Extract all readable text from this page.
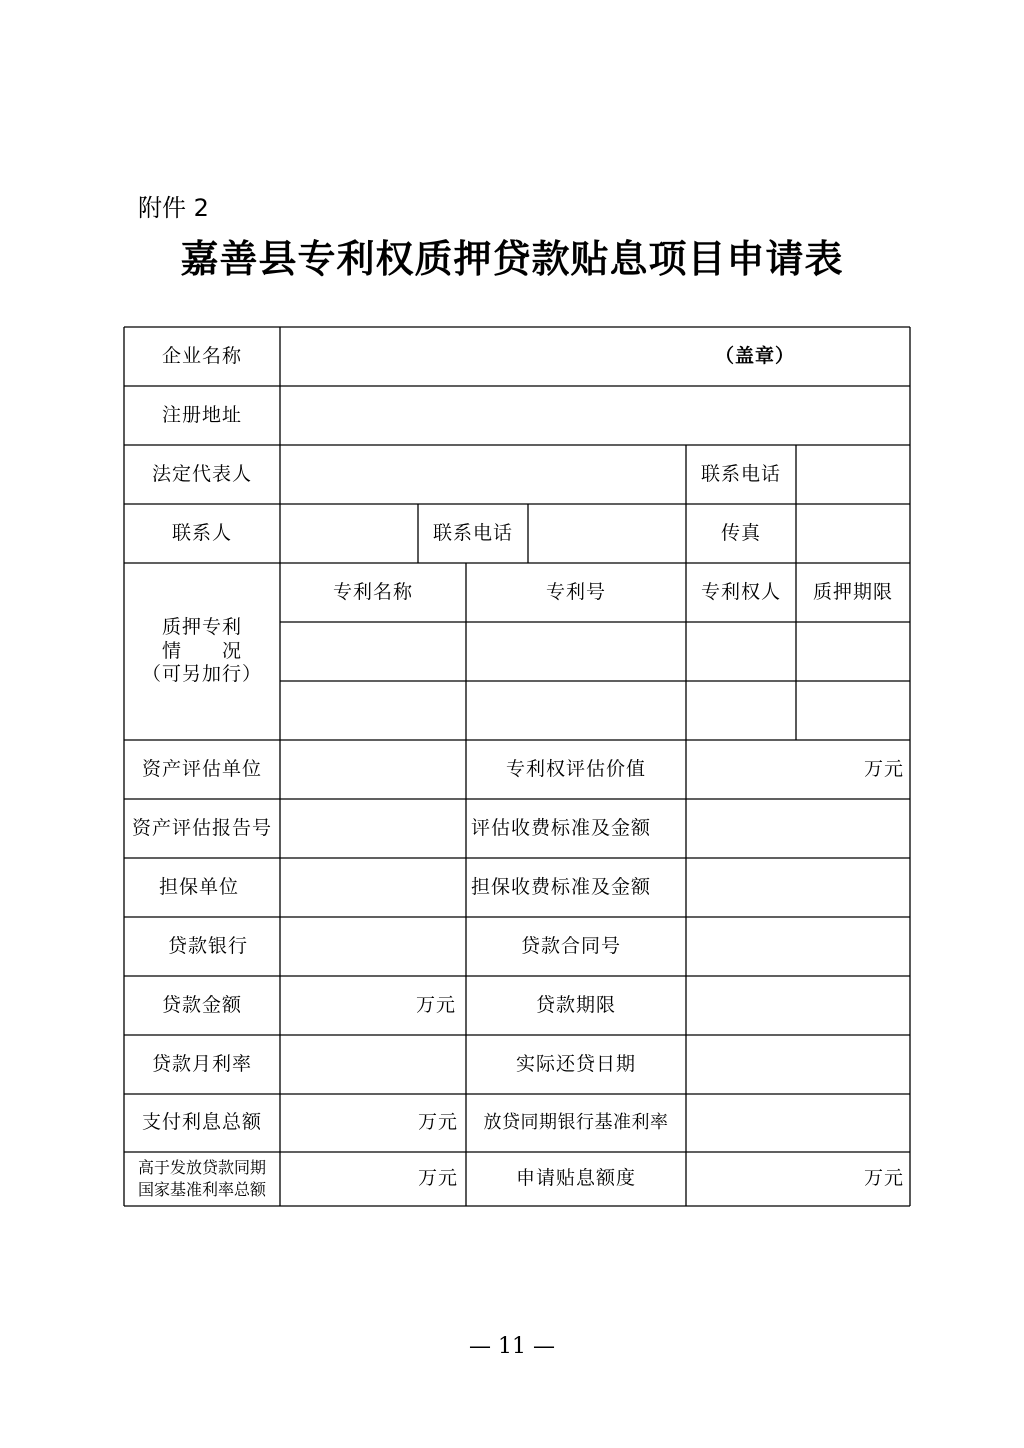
附件 2
嘉善县专利权质押贷款贴息项目申请表
企业名称	（盖章）
注册地址
法定代表人	联系电话
联系人	联系电话	传真
质押专利
情　　况
（可另加行）
专利名称	专利号	专利权人	质押期限
资产评估单位	专利权评估价值	万元
资产评估报告号	评估收费标准及金额
担保单位	担保收费标准及金额
贷款银行	贷款合同号
贷款金额	万元	贷款期限
贷款月利率	实际还贷日期
支付利息总额	万元	放贷同期银行基准利率
高于发放贷款同期
国家基准利率总额
万元	申请贴息额度	万元
— 11 —
